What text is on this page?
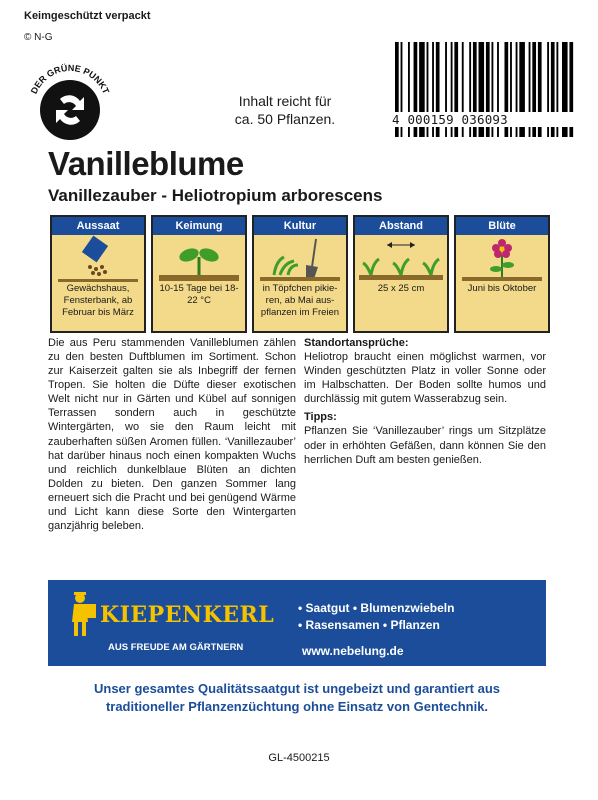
Keimgeschützt verpackt
© N-G
DER GRÜNE PUNKT
Inhalt reicht für
ca. 50 Pflanzen.	4 000159 036093
Vanilleblume
Vanillezauber - Heliotropium arborescens
Aussaat
Gewächshaus, Fensterbank, ab Februar bis März
Keimung
10-15 Tage bei 18-22 °C
Kultur
in Töpfchen pikie- ren, ab Mai aus- pflanzen im Freien
Abstand
25 x 25 cm
Blüte
Juni bis Oktober
Die aus Peru stammenden Vanilleblumen zählen zu den besten Duftblumen im Sortiment. Schon zur Kaiserzeit galten sie als Inbegriff der fernen Tropen. Sie holten die Düfte dieser exotischen Welt nicht nur in Gärten und Kübel auf sonnigen Terrassen sondern auch in geschützte Wintergärten, wo sie den Raum leicht mit zauberhaften süßen Aromen füllen. ‘Vanillezauber’ hat darüber hinaus noch einen kompakten Wuchs und reichlich dunkelblaue Blüten an dichten Dolden zu bieten. Den ganzen Sommer lang erneuert sich die Pracht und bei genügend Wärme und Licht kann diese Sorte den Wintergarten ganzjährig beleben.
Standortansprüche:

Heliotrop braucht einen möglichst warmen, vor Winden geschützten Platz in voller Sonne oder im Halbschatten. Der Boden sollte humos und durchlässig mit gutem Wasserabzug sein.

Tipps:

Pflanzen Sie ‘Vanillezauber’ rings um Sitzplätze oder in erhöhten Gefäßen, dann können Sie den herrlichen Duft am besten genießen.

KIEPENKERL
AUS FREUDE AM GÄRTNERN
• Saatgut • Blumenzwiebeln
• Rasensamen • Pflanzen
www.nebelung.de
Unser gesamtes Qualitätssaatgut ist ungebeizt und garantiert aus
traditioneller Pflanzenzüchtung ohne Einsatz von Gentechnik.
GL-4500215
